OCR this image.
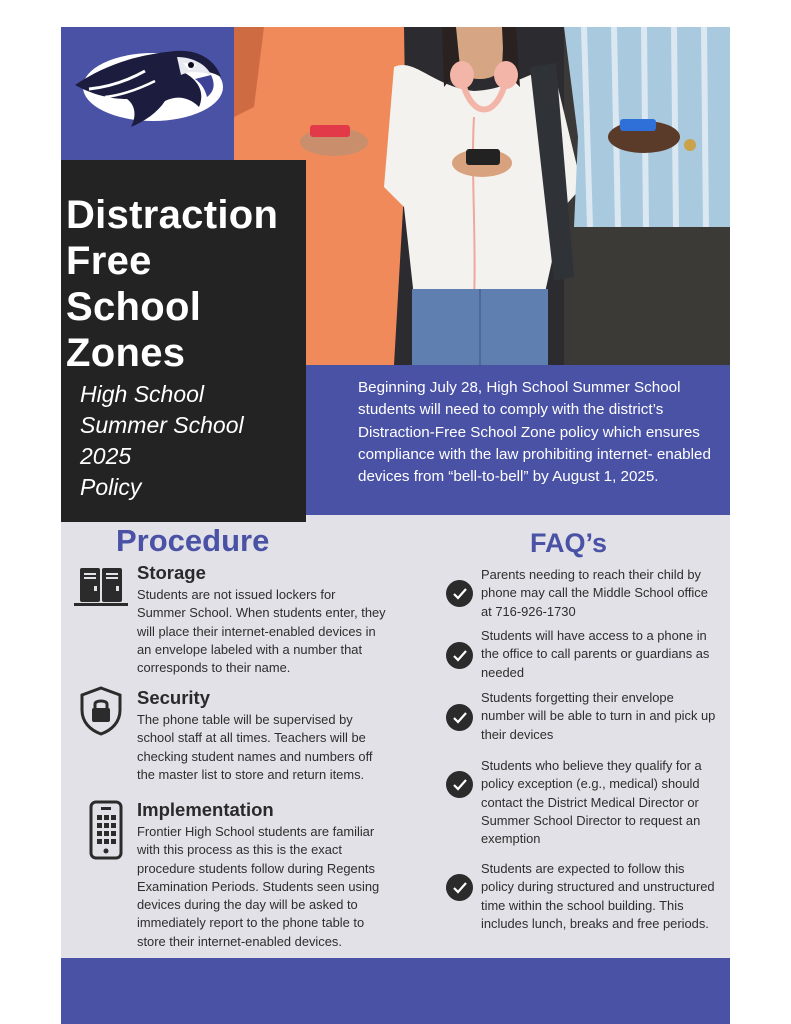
Distraction
Free
School
Zones
High School
Summer School
2025
Policy
Beginning July 28, High School Summer School students will need to comply with the district’s Distraction-Free School Zone policy which ensures compliance with the law prohibiting internet- enabled devices from “bell-to-bell” by August 1, 2025.
Procedure
Storage
Students are not issued lockers for Summer School. When students enter, they will place their internet-enabled devices in an envelope labeled with a number that corresponds to their name.
Security
The phone table will be supervised by school staff at all times. Teachers will be checking student names and numbers off the master list to store and return items.
Implementation
Frontier High School students are familiar with this process as this is the exact procedure students follow during Regents Examination Periods. Students seen using devices during the day will be asked to immediately report to the phone table to store their internet-enabled devices.
FAQ’s
Parents needing to reach their child by phone may call the Middle School office at 716-926-1730
Students will have access to a phone in the office to call parents or guardians as needed
Students forgetting their envelope number will be able to turn in and pick up their devices
Students who believe they qualify for a policy exception (e.g., medical) should contact the District Medical Director or Summer School Director to request an exemption
Students are expected to follow this policy during structured and unstructured time within the school building. This includes lunch, breaks and free periods.
